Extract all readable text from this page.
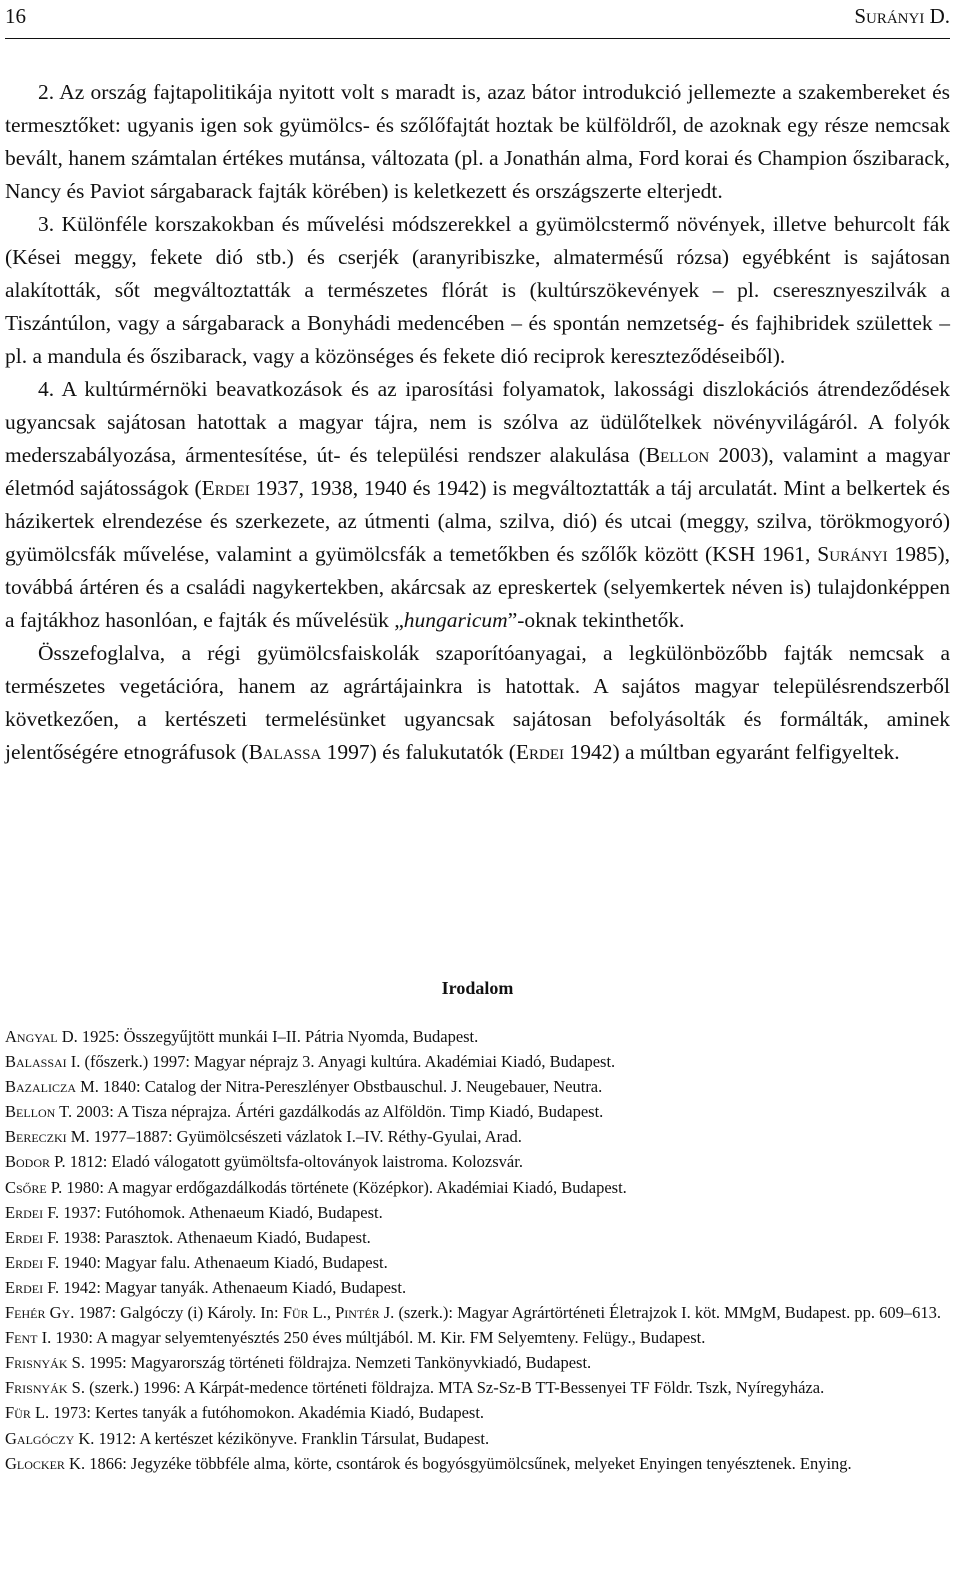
16	Surányi D.

2. Az ország fajtapolitikája nyitott volt s maradt is, azaz bátor introdukció jellemezte a szakembereket és termesztőket: ugyanis igen sok gyümölcs- és szőlőfajtát hoztak be külföldről, de azoknak egy része nemcsak bevált, hanem számtalan értékes mutánsa, változata (pl. a Jonathán alma, Ford korai és Champion őszibarack, Nancy és Paviot sárgabarack fajták körében) is keletkezett és országszerte elterjedt.

3. Különféle korszakokban és művelési módszerekkel a gyümölcstermő növények, illetve behurcolt fák (Kései meggy, fekete dió stb.) és cserjék (aranyribiszke, almatermésű rózsa) egyébként is sajátosan alakították, sőt megváltoztatták a természetes flórát is (kultúrszökevények – pl. cseresznyeszilvák a Tiszántúlon, vagy a sárgabarack a Bonyhádi medencében – és spontán nemzetség- és fajhibridek születtek – pl. a mandula és őszibarack, vagy a közönséges és fekete dió reciprok kereszteződéseiből).

4. A kultúrmérnöki beavatkozások és az iparosítási folyamatok, lakossági diszlokációs átrendeződések ugyancsak sajátosan hatottak a magyar tájra, nem is szólva az üdülőtelkek növényvilágáról. A folyók mederszabályozása, ármentesítése, út- és települési rendszer alakulása (Bellon 2003), valamint a magyar életmód sajátosságok (Erdei 1937, 1938, 1940 és 1942) is megváltoztatták a táj arculatát. Mint a belkertek és házikertek elrendezése és szerkezete, az útmenti (alma, szilva, dió) és utcai (meggy, szilva, törökmogyoró) gyümölcsfák művelése, valamint a gyümölcsfák a temetőkben és szőlők között (KSH 1961, Surányi 1985), továbbá ártéren és a családi nagykertekben, akárcsak az epreskertek (selyemkertek néven is) tulajdonképpen a fajtákhoz hasonlóan, e fajták és művelésük „hungaricum”-oknak tekinthetők.

Összefoglalva, a régi gyümölcsfaiskolák szaporítóanyagai, a legkülönbözőbb fajták nemcsak a természetes vegetációra, hanem az agrártájainkra is hatottak. A sajátos magyar településrendszerből következően, a kertészeti termelésünket ugyancsak sajátosan befolyásolták és formálták, aminek jelentőségére etnográfusok (Balassa 1997) és falukutatók (Erdei 1942) a múltban egyaránt felfigyeltek.

Irodalom

Angyal D. 1925: Összegyűjtött munkái I–II. Pátria Nyomda, Budapest.

Balassai I. (főszerk.) 1997: Magyar néprajz 3. Anyagi kultúra. Akadémiai Kiadó, Budapest.

Bazalicza M. 1840: Catalog der Nitra-Pereszlényer Obstbauschul. J. Neugebauer, Neutra.

Bellon T. 2003: A Tisza néprajza. Ártéri gazdálkodás az Alföldön. Timp Kiadó, Budapest.

Bereczki M. 1977–1887: Gyümölcsészeti vázlatok I.–IV. Réthy-Gyulai, Arad.

Bodor P. 1812: Eladó válogatott gyümöltsfa-oltoványok laistroma. Kolozsvár.

Csőre P. 1980: A magyar erdőgazdálkodás története (Középkor). Akadémiai Kiadó, Budapest.

Erdei F. 1937: Futóhomok. Athenaeum Kiadó, Budapest.

Erdei F. 1938: Parasztok. Athenaeum Kiadó, Budapest.

Erdei F. 1940: Magyar falu. Athenaeum Kiadó, Budapest.

Erdei F. 1942: Magyar tanyák. Athenaeum Kiadó, Budapest.

Fehér Gy. 1987: Galgóczy (i) Károly. In: Für L., Pintér J. (szerk.): Magyar Agrártörténeti Életrajzok I. köt. MMgM, Budapest. pp. 609–613.

Fent I. 1930: A magyar selyemtenyésztés 250 éves múltjából. M. Kir. FM Selyemteny. Felügy., Budapest.

Frisnyák S. 1995: Magyarország történeti földrajza. Nemzeti Tankönyvkiadó, Budapest.

Frisnyák S. (szerk.) 1996: A Kárpát-medence történeti földrajza. MTA Sz-Sz-B TT-Bessenyei TF Földr. Tszk, Nyíregyháza.

Für L. 1973: Kertes tanyák a futóhomokon. Akadémia Kiadó, Budapest.

Galgóczy K. 1912: A kertészet kézikönyve. Franklin Társulat, Budapest.

Glocker K. 1866: Jegyzéke többféle alma, körte, csontárok és bogyósgyümölcsűnek, melyeket Enyingen tenyésztenek. Enying.
